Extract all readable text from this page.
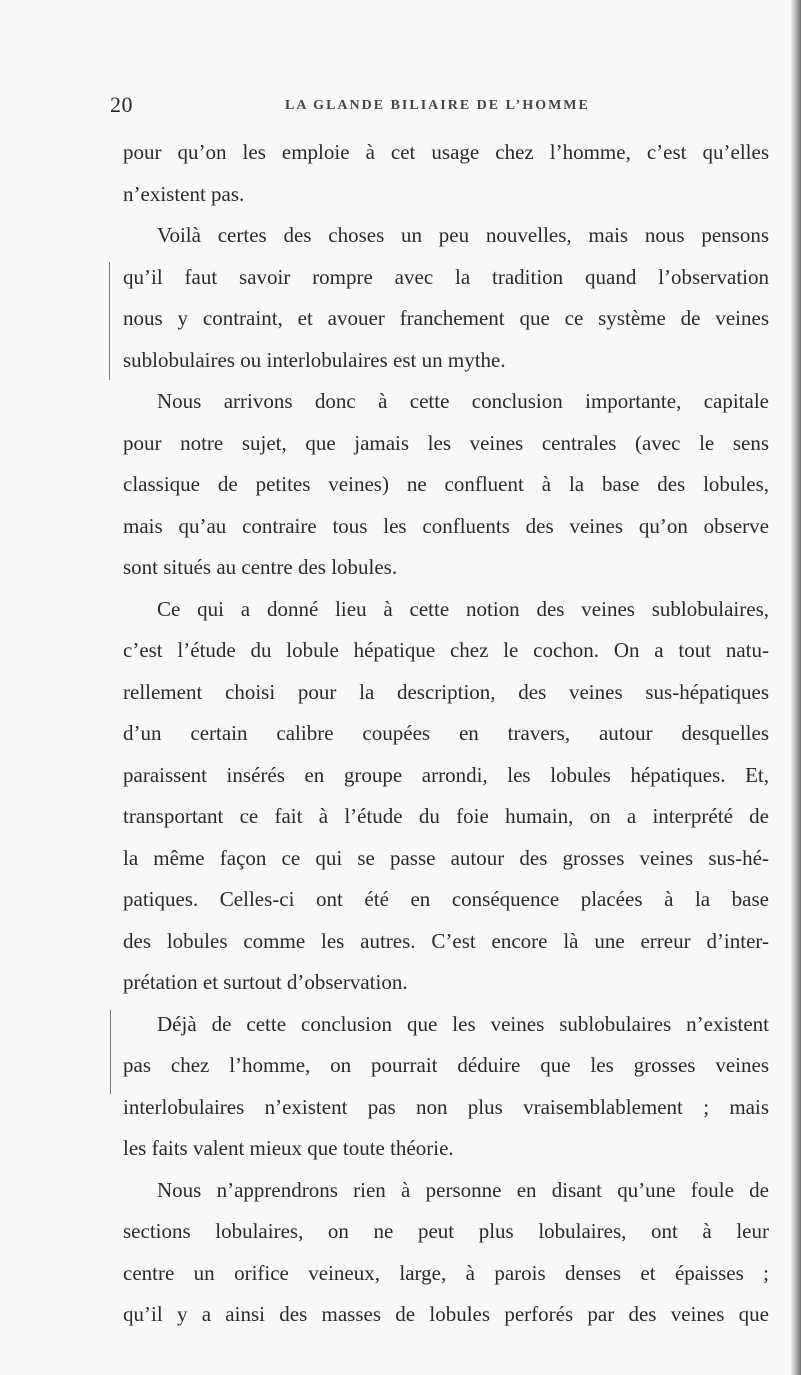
20	LA GLANDE BILIAIRE DE L’HOMME
pour qu’on les emploie à cet usage chez l’homme, c’est qu’elles
n’existent pas.
Voilà certes des choses un peu nouvelles, mais nous pensons
qu’il faut savoir rompre avec la tradition quand l’observation
nous y contraint, et avouer franchement que ce système de veines
sublobulaires ou interlobulaires est un mythe.
Nous arrivons donc à cette conclusion importante, capitale
pour notre sujet, que jamais les veines centrales (avec le sens
classique de petites veines) ne confluent à la base des lobules,
mais qu’au contraire tous les confluents des veines qu’on observe
sont situés au centre des lobules.
Ce qui a donné lieu à cette notion des veines sublobulaires,
c’est l’étude du lobule hépatique chez le cochon. On a tout natu-
rellement choisi pour la description, des veines sus-hépatiques
d’un certain calibre coupées en travers, autour desquelles
paraissent insérés en groupe arrondi, les lobules hépatiques. Et,
transportant ce fait à l’étude du foie humain, on a interprété de
la même façon ce qui se passe autour des grosses veines sus-hé-
patiques. Celles-ci ont été en conséquence placées à la base
des lobules comme les autres. C’est encore là une erreur d’inter-
prétation et surtout d’observation.
Déjà de cette conclusion que les veines sublobulaires n’existent
pas chez l’homme, on pourrait déduire que les grosses veines
interlobulaires n’existent pas non plus vraisemblablement ; mais
les faits valent mieux que toute théorie.
Nous n’apprendrons rien à personne en disant qu’une foule de
sections lobulaires, on ne peut plus lobulaires, ont à leur
centre un orifice veineux, large, à parois denses et épaisses ;
qu’il y a ainsi des masses de lobules perforés par des veines que
